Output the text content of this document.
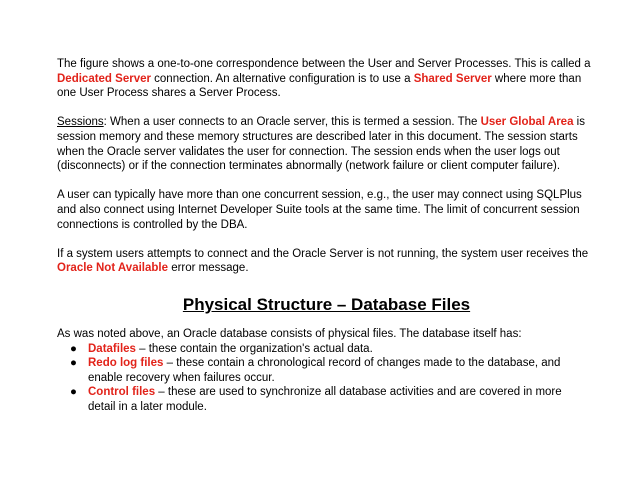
The figure shows a one-to-one correspondence between the User and Server Processes. This is called a Dedicated Server connection. An alternative configuration is to use a Shared Server where more than one User Process shares a Server Process.

Sessions: When a user connects to an Oracle server, this is termed a session. The User Global Area is session memory and these memory structures are described later in this document. The session starts when the Oracle server validates the user for connection. The session ends when the user logs out (disconnects) or if the connection terminates abnormally (network failure or client computer failure).

A user can typically have more than one concurrent session, e.g., the user may connect using SQLPlus and also connect using Internet Developer Suite tools at the same time. The limit of concurrent session connections is controlled by the DBA.

If a system users attempts to connect and the Oracle Server is not running, the system user receives the Oracle Not Available error message.

Physical Structure – Database Files

As was noted above, an Oracle database consists of physical files. The database itself has:

● Datafiles – these contain the organization's actual data.
● Redo log files – these contain a chronological record of changes made to the database, and enable recovery when failures occur.
● Control files – these are used to synchronize all database activities and are covered in more detail in a later module.
